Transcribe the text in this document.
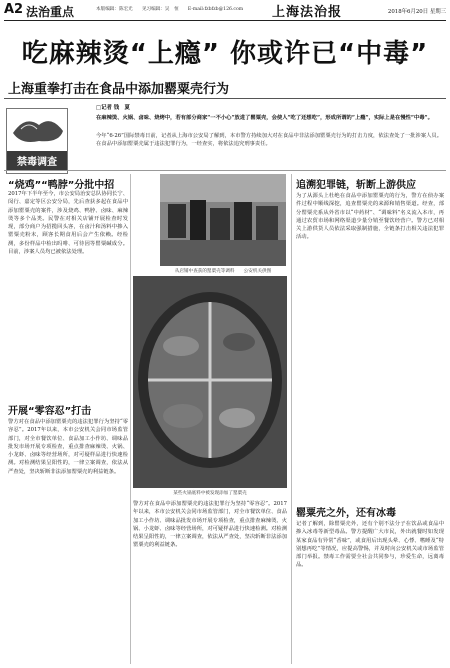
A2 法治重点	本版编辑：陈宏光　　见习编辑：吴　恒　　E-mail:fzbfzb@126.com 上海法治报	2018年6月20日 星期三
吃麻辣烫“上瘾” 你或许已“中毒”
上海重拳打击在食品中添加罂粟壳行为
禁毒调查
□记者 钱　夏
在麻辣烫、火锅、卤味、烧烤中，若有部分商家“一不小心”放进了罂粟壳，会使人“吃了还想吃”，形成所谓的“上瘾”，实际上是在慢性“中毒”。
今年“6·26”国际禁毒日前，记者从上海市公安局了解到，本市警方持续加大对在食品中非法添加罂粟壳行为的打击力度，依法查处了一批涉案人员。在食品中添加罂粟壳属于违法犯罪行为，一经查实，将依法追究刑事责任。
从店铺中查获的罂粟壳等调料　　公安机关供图
某些火锅底料中被发现添加了罂粟壳
“烧鸡”“鸭脖”分批中招
2017年下半年至今，市公安局治安总队协同长宁、闵行、嘉定等区公安分局，先后查获多起在食品中添加罂粟壳的案件，涉及烧鸡、鸭脖、卤味、麻辣烫等多个品类。民警在对相关店铺开展检查时发现，部分商户为招揽回头客，在卤汁和汤料中掺入罂粟壳粉末，顾客长期食用后会产生依赖。经检测，多份样品中检出吗啡、可待因等罂粟碱成分。目前，涉案人员均已被依法处理。
开展“零容忍”打击
警方对在食品中添加罂粟壳的违法犯罪行为坚持“零容忍”。2017年以来，本市公安机关会同市场监管部门，对全市餐饮单位、食品加工小作坊、调味品批发市场开展专项检查，重点排查麻辣烫、火锅、小龙虾、卤味等经营场所，对可疑样品进行快速检测。对检测结果呈阳性的，一律立案调查，依法从严查处，坚决斩断非法添加罂粟壳的利益链条。
警方对在食品中添加罂粟壳的违法犯罪行为坚持“零容忍”。2017年以来，本市公安机关会同市场监管部门，对全市餐饮单位、食品加工小作坊、调味品批发市场开展专项检查，重点排查麻辣烫、火锅、小龙虾、卤味等经营场所，对可疑样品进行快速检测。对检测结果呈阳性的，一律立案调查，依法从严查处，坚决斩断非法添加罂粟壳的利益链条。
追溯犯罪链，斩断上游供应
为了从源头上杜绝在食品中添加罂粟壳的行为，警方在侦办案件过程中顺线深挖，追查罂粟壳的来源和销售渠道。经查，部分罂粟壳系从外省市以“中药材”、“调味料”名义流入本市，再通过农贸市场和网络渠道少量分销至餐饮经营户。警方已对相关上游供货人员依法采取强制措施，全链条打击相关违法犯罪活动。
罂粟壳之外，还有冰毒
记者了解到，除罂粟壳外，还有个别不法分子在饮品或食品中掺入冰毒等新型毒品。警方提醒广大市民，外出就餐时如发现某家食品有异常“香味”，或食用后出现头晕、心悸、嗜睡及“特别想再吃”等情况，应提高警惕，并及时向公安机关或市场监管部门举报。禁毒工作需要全社会共同参与，珍爱生命，远离毒品。
